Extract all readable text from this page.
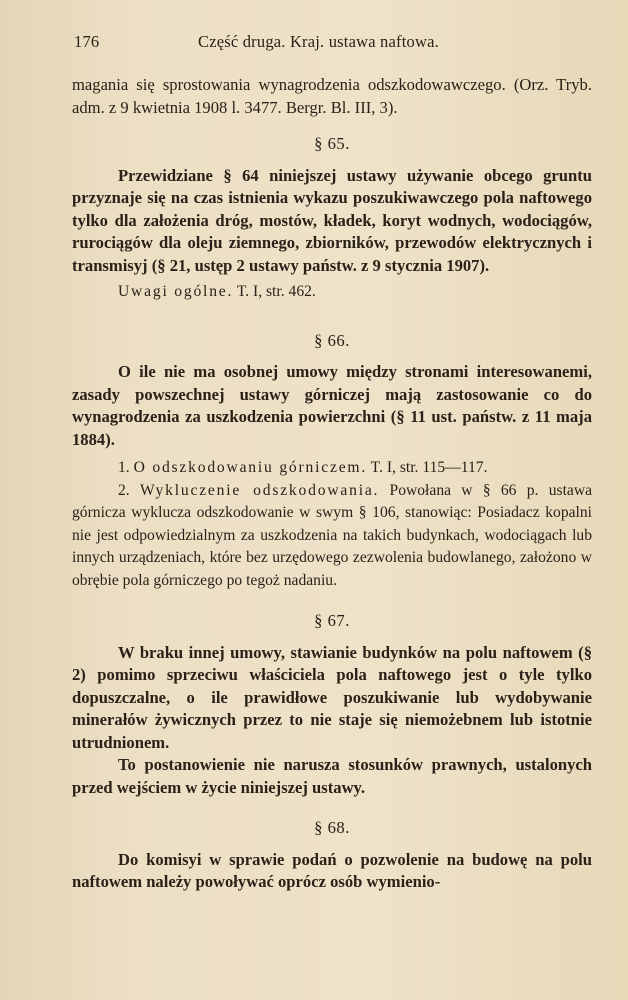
176	Część druga. Kraj. ustawa naftowa.

magania się sprostowania wynagrodzenia odszkodowawczego. (Orz. Tryb. adm. z 9 kwietnia 1908 l. 3477. Bergr. Bl. III, 3).

§ 65.

Przewidziane § 64 niniejszej ustawy używanie obcego gruntu przyznaje się na czas istnienia wykazu poszukiwawczego pola naftowego tylko dla założenia dróg, mostów, kładek, koryt wodnych, wodociągów, rurociągów dla oleju ziemnego, zbiorników, przewodów elektrycznych i transmisyj (§ 21, ustęp 2 ustawy państw. z 9 stycznia 1907).

Uwagi ogólne. T. I, str. 462.

§ 66.

O ile nie ma osobnej umowy między stronami interesowanemi, zasady powszechnej ustawy górniczej mają zastosowanie co do wynagrodzenia za uszkodzenia powierzchni (§ 11 ust. państw. z 11 maja 1884).

1. O odszkodowaniu górniczem. T. I, str. 115—117.

2. Wykluczenie odszkodowania. Powołana w § 66 p. ustawa górnicza wyklucza odszkodowanie w swym § 106, stanowiąc: Posiadacz kopalni nie jest odpowiedzialnym za uszkodzenia na takich budynkach, wodociągach lub innych urządzeniach, które bez urzędowego zezwolenia budowlanego, założono w obrębie pola górniczego po tegoż nadaniu.

§ 67.

W braku innej umowy, stawianie budynków na polu naftowem (§ 2) pomimo sprzeciwu właściciela pola naftowego jest o tyle tylko dopuszczalne, o ile prawidłowe poszukiwanie lub wydobywanie minerałów żywicznych przez to nie staje się niemożebnem lub istotnie utrudnionem.

To postanowienie nie narusza stosunków prawnych, ustalonych przed wejściem w życie niniejszej ustawy.

§ 68.

Do komisyi w sprawie podań o pozwolenie na budowę na polu naftowem należy powoływać oprócz osób wymienio-
